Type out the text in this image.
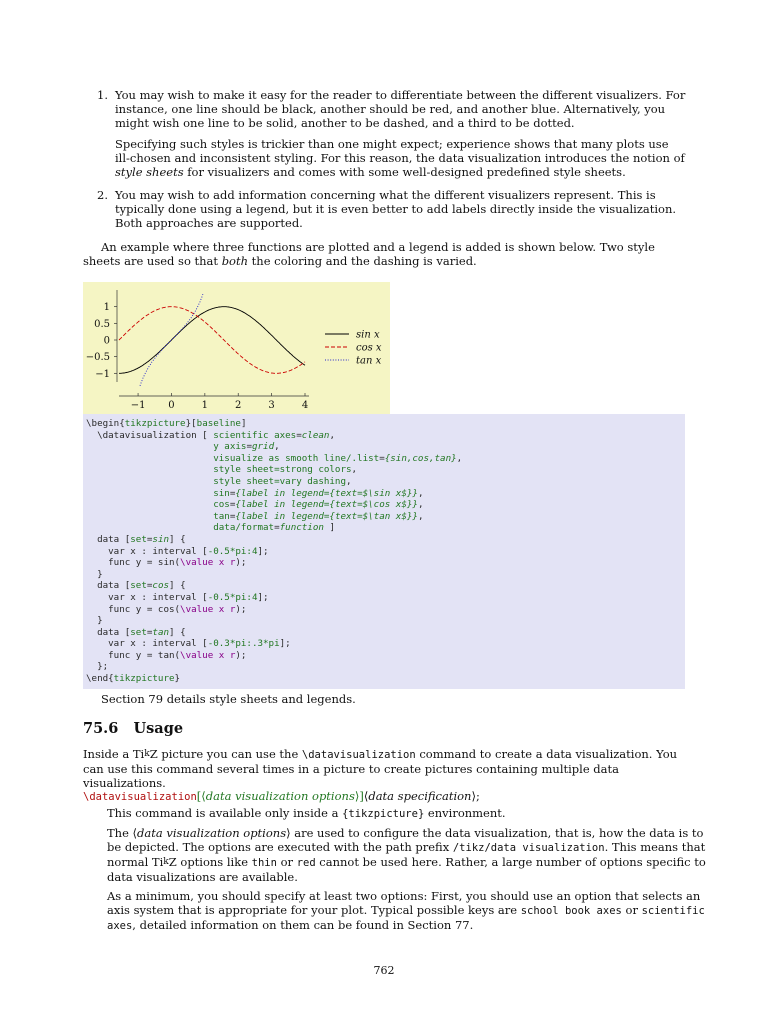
1. You may wish to make it easy for the reader to differentiate between the different visualizers. For instance, one line should be black, another should be red, and another blue. Alternatively, you might wish one line to be solid, another to be dashed, and a third to be dotted.

Specifying such styles is trickier than one might expect; experience shows that many plots use ill-chosen and inconsistent styling. For this reason, the data visualization introduces the notion of style sheets for visualizers and comes with some well-designed predefined style sheets.

2. You may wish to add information concerning what the different visualizers represent. This is typically done using a legend, but it is even better to add labels directly inside the visualization. Both approaches are supported.

An example where three functions are plotted and a legend is added is shown below. Two style sheets are used so that both the coloring and the dashing is varied.

1
0.5
0
−0.5
−1
−1 0	1	2	3	4
sin x
cos x
tan x
\begin{tikzpicture}[baseline]
\datavisualization [ scientific axes=clean,
y axis=grid,
visualize as smooth line/.list={sin,cos,tan},
style sheet=strong colors,
style sheet=vary dashing,
sin={label in legend={text=$\sin x$}},
cos={label in legend={text=$\cos x$}},
tan={label in legend={text=$\tan x$}},
data/format=function ]
data [set=sin] {
var x : interval [-0.5*pi:4];
func y = sin(\value x r);
}
data [set=cos] {
var x : interval [-0.5*pi:4];
func y = cos(\value x r);
}
data [set=tan] {
var x : interval [-0.3*pi:.3*pi];
func y = tan(\value x r);
};
\end{tikzpicture}

Section 79 details style sheets and legends.

75.6 Usage

Inside a Ti$^k$Z picture you can use the \datavisualization command to create a data visualization. You can use this command several times in a picture to create pictures containing multiple data visualizations.

\datavisualization[⟨data visualization options⟩]⟨data specification⟩;

This command is available only inside a {tikzpicture} environment.

The ⟨data visualization options⟩ are used to configure the data visualization, that is, how the data is to be depicted. The options are executed with the path prefix /tikz/data visualization. This means that normal Ti$^k$Z options like thin or red cannot be used here. Rather, a large number of options specific to data visualizations are available.

As a minimum, you should specify at least two options: First, you should use an option that selects an axis system that is appropriate for your plot. Typical possible keys are school book axes or scientific axes, detailed information on them can be found in Section 77.

762
